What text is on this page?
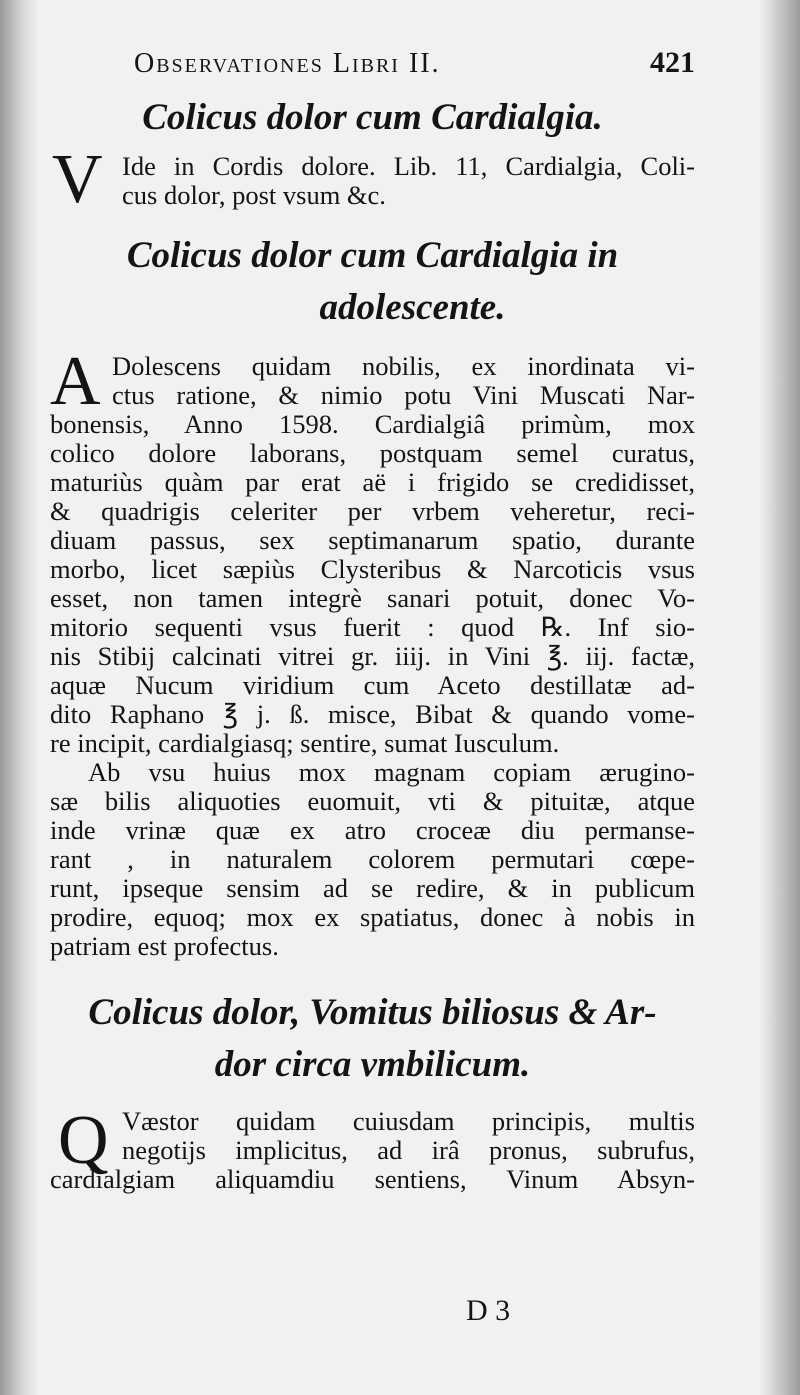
Observationes Libri II.	421
Colicus dolor cum Cardialgia.
V Ide in Cordis dolore. Lib. 11, Cardialgia, Coli-
cus dolor, post vsum &c.
Colicus dolor cum Cardialgia in
adolescente.
A Dolescens quidam nobilis, ex inordinata vi-
ctus ratione, & nimio potu Vini Muscati Nar-
bonensis, Anno 1598. Cardialgiâ primùm, mox
colico dolore laborans, postquam semel curatus,
maturiùs quàm par erat aë i frigido se credidisset,
& quadrigis celeriter per vrbem veheretur, reci-
diuam passus, sex septimanarum spatio, durante
morbo, licet sæpiùs Clysteribus & Narcoticis vsus
esset, non tamen integrè sanari potuit, donec Vo-
mitorio sequenti vsus fuerit : quod ℞. Inf sio-
nis Stibij calcinati vitrei gr. iiij. in Vini ℥. iij. factæ,
aquæ Nucum viridium cum Aceto destillatæ ad-
dito Raphano ℥ j. ß. misce, Bibat & quando vome-
re incipit, cardialgiasq; sentire, sumat Iusculum.
Ab vsu huius mox magnam copiam ærugino-
sæ bilis aliquoties euomuit, vti & pituitæ, atque
inde vrinæ quæ ex atro croceæ diu permanse-
rant , in naturalem colorem permutari cœpe-
runt, ipseque sensim ad se redire, & in publicum
prodire, equoq; mox ex spatiatus, donec à nobis in
patriam est profectus.
Colicus dolor, Vomitus biliosus & Ar-
dor circa vmbilicum.
Q Væstor quidam cuiusdam principis, multis
negotijs implicitus, ad irâ pronus, subrufus,
cardialgiam aliquamdiu sentiens, Vinum Absyn-
D 3
